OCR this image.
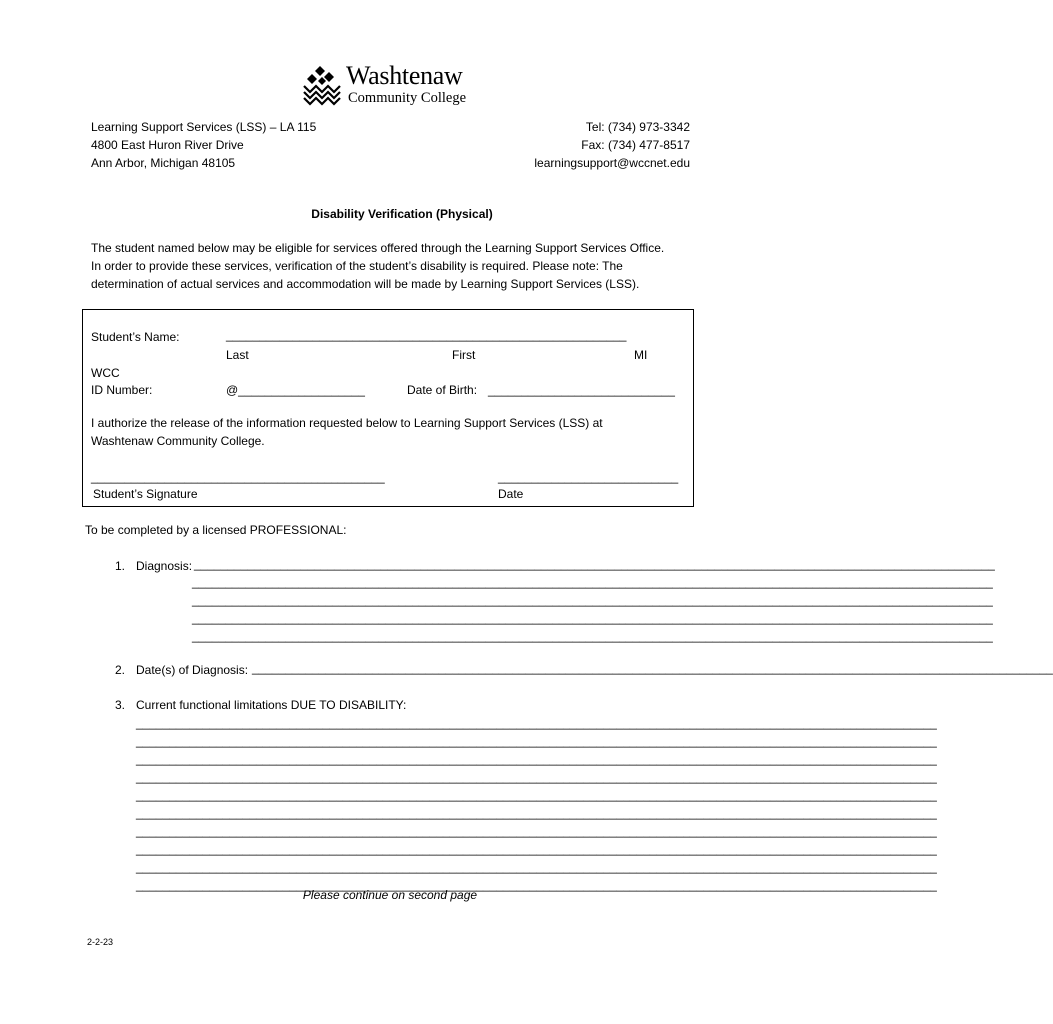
Washtenaw
Community College
Learning Support Services (LSS) – LA 115
4800 East Huron River Drive
Ann Arbor, Michigan 48105
Tel: (734) 973-3342
Fax: (734) 477-8517
learningsupport@wccnet.edu
Disability Verification (Physical)
The student named below may be eligible for services offered through the Learning Support Services Office.
In order to provide these services, verification of the student’s disability is required. Please note: The
determination of actual services and accommodation will be made by Learning Support Services (LSS).
Student’s Name:	____________________________________________________________
Last	First	MI
WCC
ID Number:	@___________________	Date of Birth: ____________________________
I authorize the release of the information requested below to Learning Support Services (LSS) at
Washtenaw Community College.
____________________________________________	___________________________
Student’s Signature	Date
To be completed by a licensed PROFESSIONAL:
1. Diagnosis: ________________________________________________________________________________________________________________________
________________________________________________________________________________________________________________________
________________________________________________________________________________________________________________________
________________________________________________________________________________________________________________________
________________________________________________________________________________________________________________________
2. Date(s) of Diagnosis: ________________________________________________________________________________________________________________________
3. Current functional limitations DUE TO DISABILITY:
________________________________________________________________________________________________________________________
________________________________________________________________________________________________________________________
________________________________________________________________________________________________________________________
________________________________________________________________________________________________________________________
________________________________________________________________________________________________________________________
________________________________________________________________________________________________________________________
________________________________________________________________________________________________________________________
________________________________________________________________________________________________________________________
________________________________________________________________________________________________________________________
________________________________________________________________________________________________________________________
Please continue on second page
2-2-23
